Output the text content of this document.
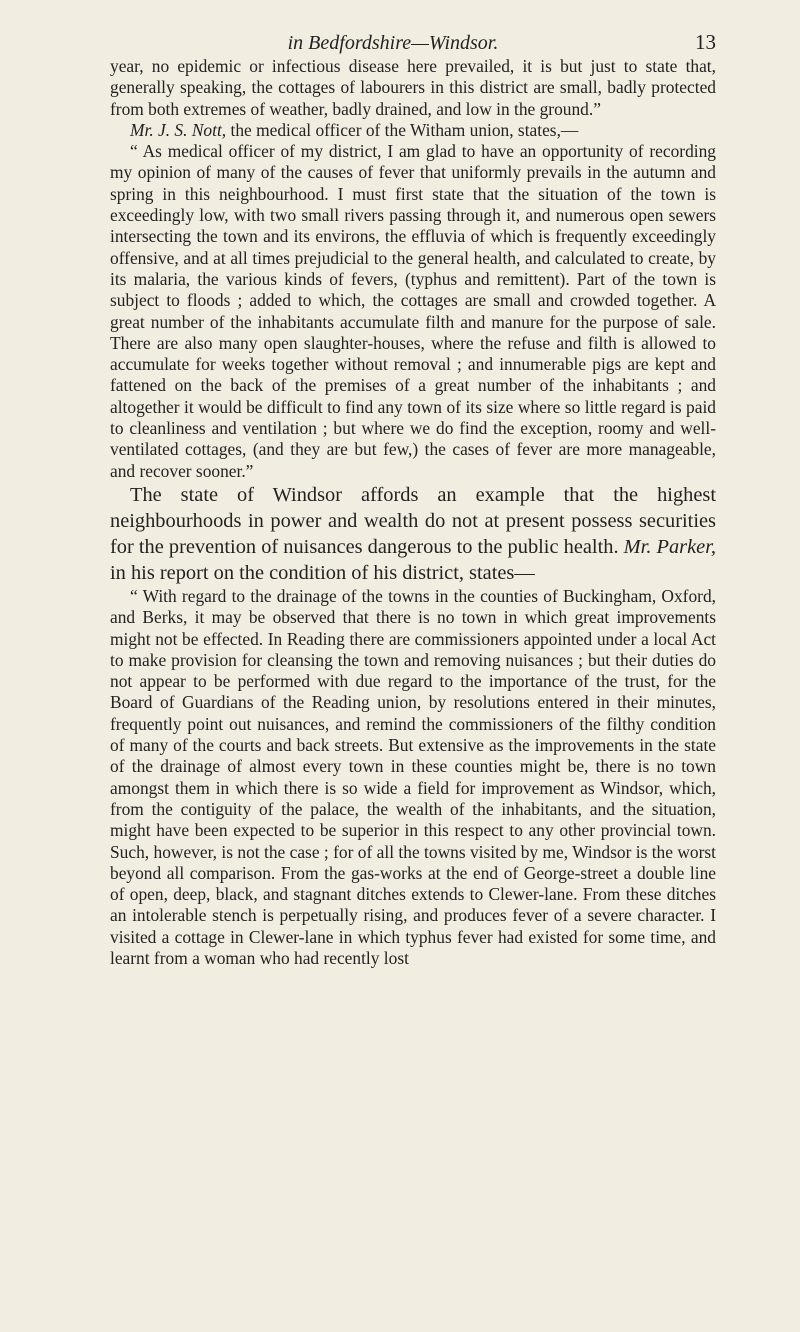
in Bedfordshire—Windsor.	13

year, no epidemic or infectious disease here prevailed, it is but just to state that, generally speaking, the cottages of labourers in this district are small, badly protected from both extremes of weather, badly drained, and low in the ground.”

Mr. J. S. Nott, the medical officer of the Witham union, states,—

“ As medical officer of my district, I am glad to have an opportunity of recording my opinion of many of the causes of fever that uniformly prevails in the autumn and spring in this neighbourhood. I must first state that the situation of the town is exceedingly low, with two small rivers passing through it, and numerous open sewers intersecting the town and its environs, the effluvia of which is frequently exceedingly offensive, and at all times prejudicial to the general health, and calculated to create, by its malaria, the various kinds of fevers, (typhus and remittent). Part of the town is subject to floods ; added to which, the cottages are small and crowded together. A great number of the inhabitants accumulate filth and manure for the purpose of sale. There are also many open slaughter-houses, where the refuse and filth is allowed to accumulate for weeks together without removal ; and innumerable pigs are kept and fattened on the back of the premises of a great number of the inhabitants ; and altogether it would be difficult to find any town of its size where so little regard is paid to cleanliness and ventilation ; but where we do find the exception, roomy and well-ventilated cottages, (and they are but few,) the cases of fever are more manageable, and recover sooner.”

The state of Windsor affords an example that the highest neighbourhoods in power and wealth do not at present possess securities for the prevention of nuisances dangerous to the public health. Mr. Parker, in his report on the condition of his district, states—

“ With regard to the drainage of the towns in the counties of Buckingham, Oxford, and Berks, it may be observed that there is no town in which great improvements might not be effected. In Reading there are commissioners appointed under a local Act to make provision for cleansing the town and removing nuisances ; but their duties do not appear to be performed with due regard to the importance of the trust, for the Board of Guardians of the Reading union, by resolutions entered in their minutes, frequently point out nuisances, and remind the commissioners of the filthy condition of many of the courts and back streets. But extensive as the improvements in the state of the drainage of almost every town in these counties might be, there is no town amongst them in which there is so wide a field for improvement as Windsor, which, from the contiguity of the palace, the wealth of the inhabitants, and the situation, might have been expected to be superior in this respect to any other provincial town. Such, however, is not the case ; for of all the towns visited by me, Windsor is the worst beyond all comparison. From the gas-works at the end of George-street a double line of open, deep, black, and stagnant ditches extends to Clewer-lane. From these ditches an intolerable stench is perpetually rising, and produces fever of a severe character. I visited a cottage in Clewer-lane in which typhus fever had existed for some time, and learnt from a woman who had recently lost
